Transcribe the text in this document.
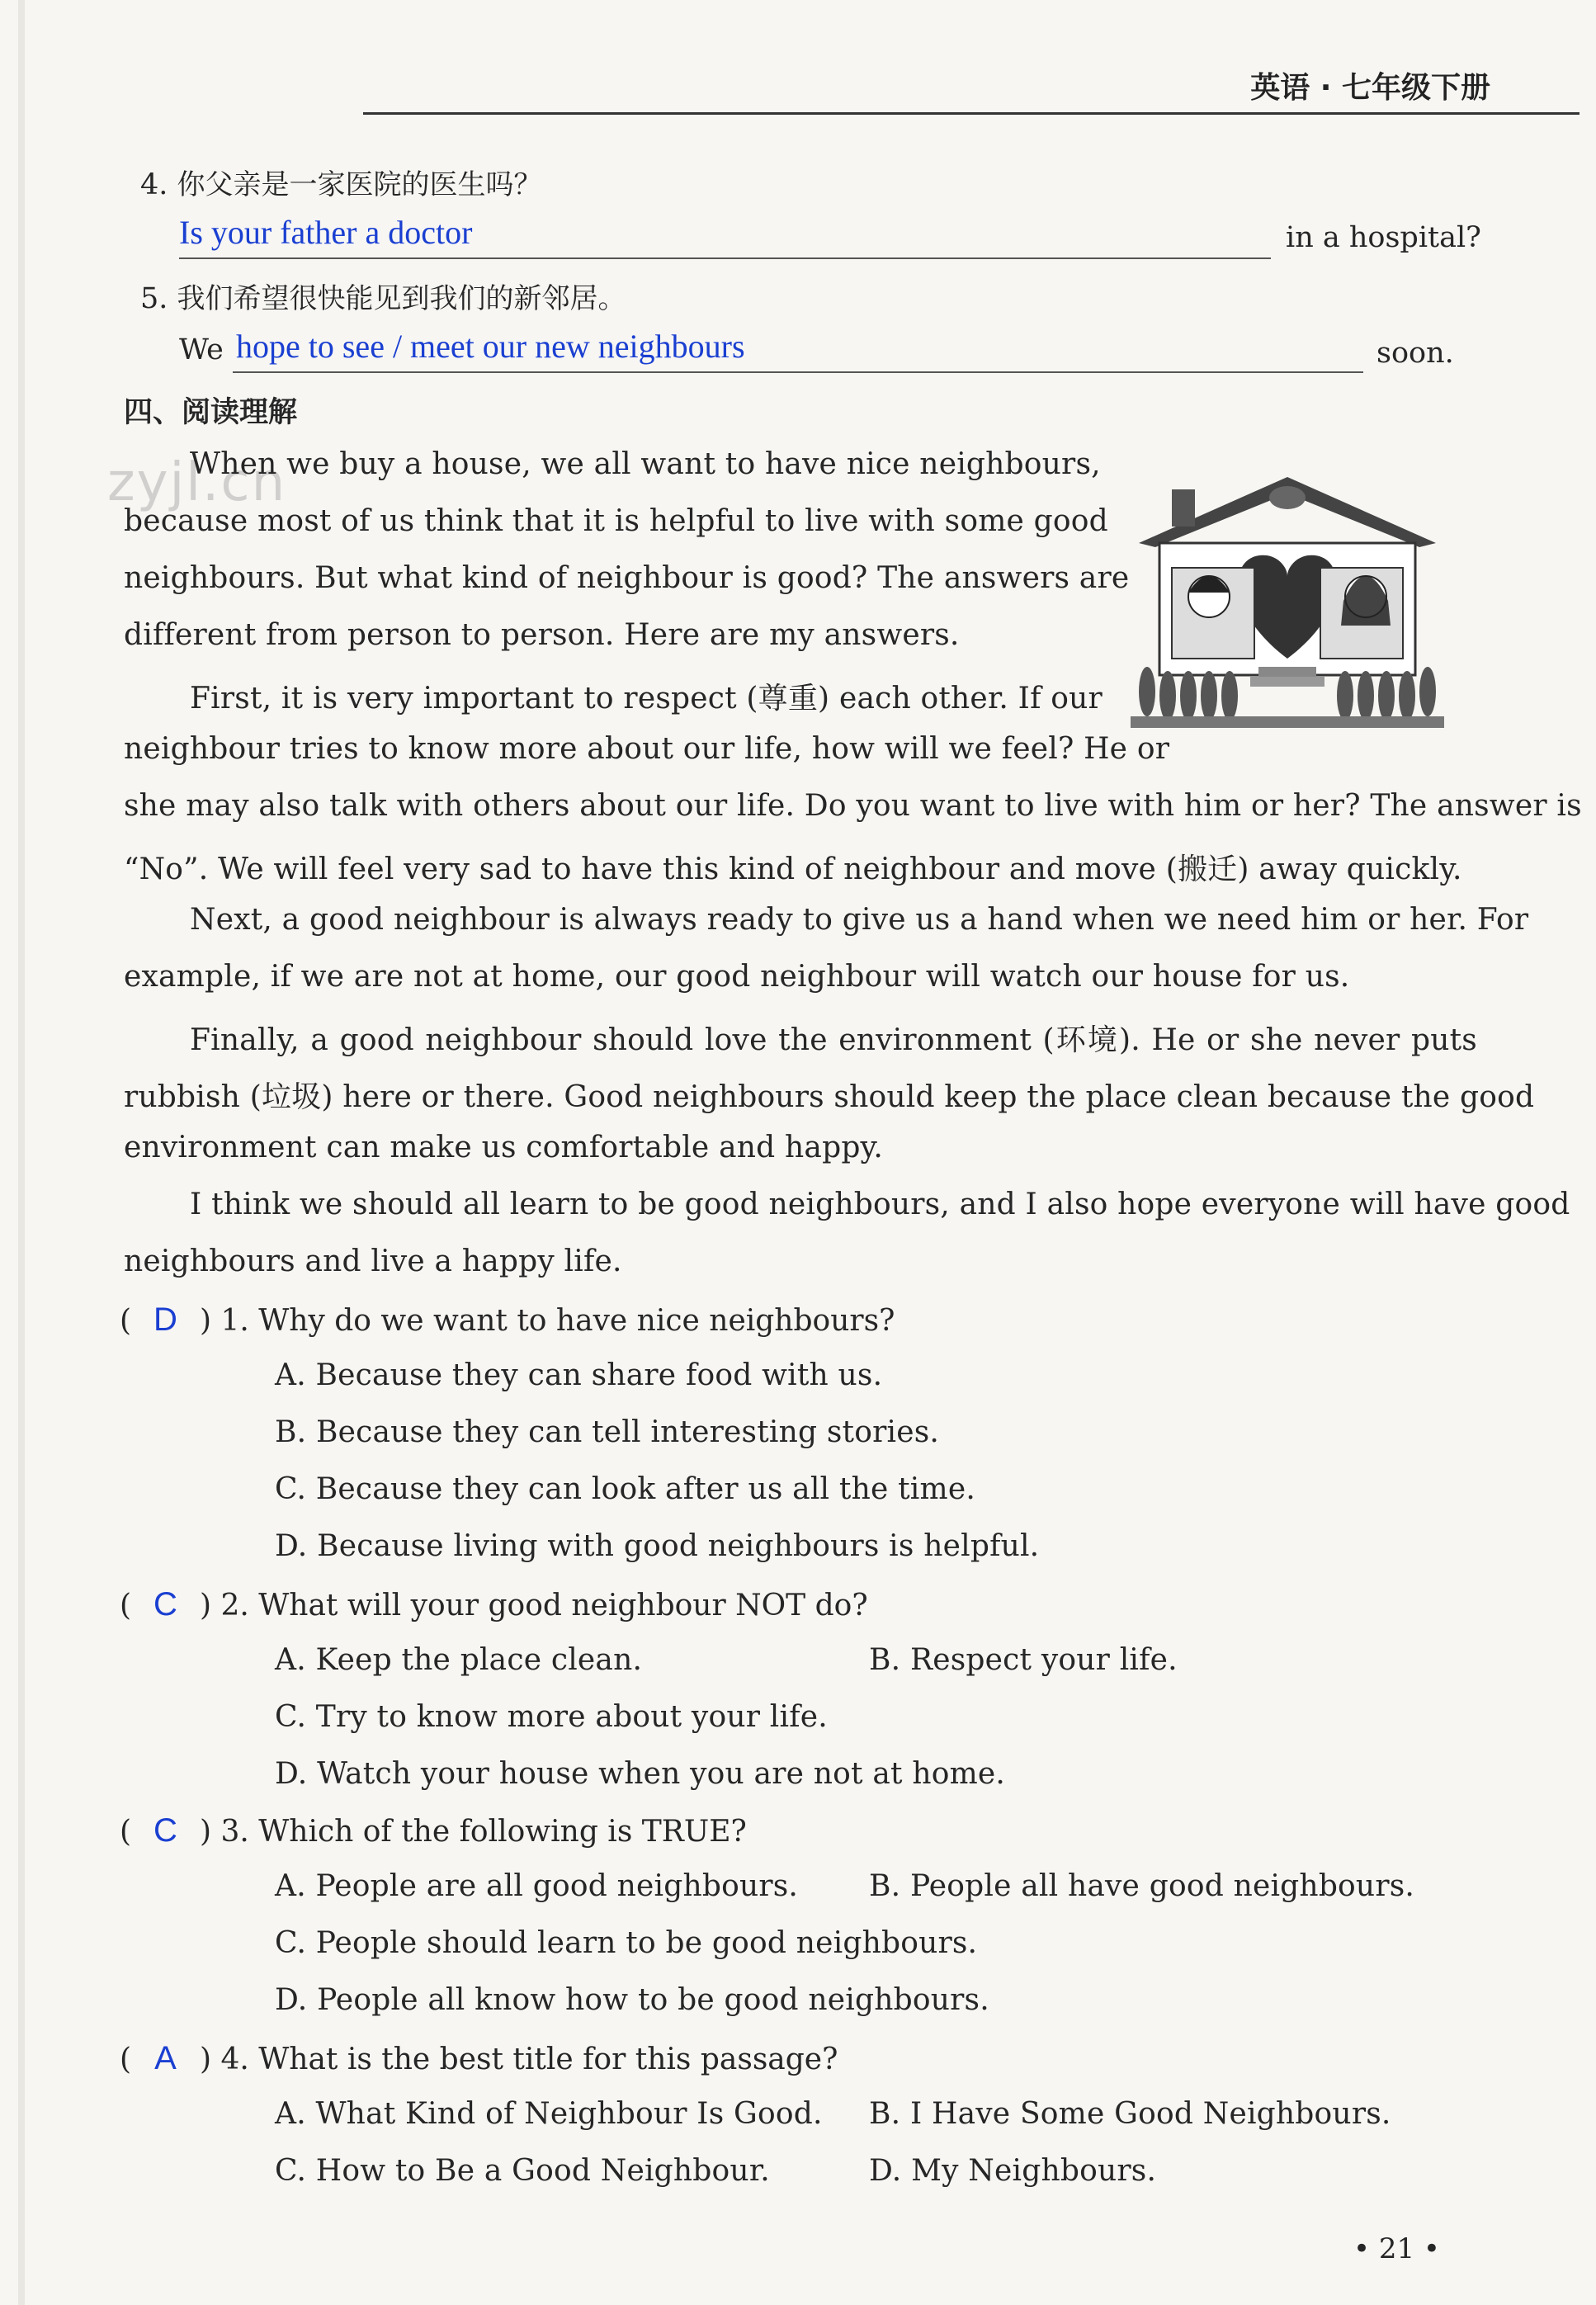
英语 · 七年级下册
4. 你父亲是一家医院的医生吗？
Is your father a doctor	in a hospital?
5. 我们希望很快能见到我们的新邻居。
We hope to see / meet our new neighbours	soon.
四、阅读理解
zyjl.cn
When we buy a house, we all want to have nice neighbours,
because most of us think that it is helpful to live with some good
neighbours. But what kind of neighbour is good? The answers are
different from person to person. Here are my answers.
First, it is very important to respect (尊重) each other. If our
neighbour tries to know more about our life, how will we feel? He or
she may also talk with others about our life. Do you want to live with him or her? The answer is
“No”. We will feel very sad to have this kind of neighbour and move (搬迁) away quickly.
Next, a good neighbour is always ready to give us a hand when we need him or her. For
example, if we are not at home, our good neighbour will watch our house for us.
Finally, a good neighbour should love the environment (环境). He or she never puts
rubbish (垃圾) here or there. Good neighbours should keep the place clean because the good
environment can make us comfortable and happy.
I think we should all learn to be good neighbours, and I also hope everyone will have good
neighbours and live a happy life.
( D ) 1. Why do we want to have nice neighbours?
A. Because they can share food with us.
B. Because they can tell interesting stories.
C. Because they can look after us all the time.
D. Because living with good neighbours is helpful.
( C ) 2. What will your good neighbour NOT do?
A. Keep the place clean.	B. Respect your life.
C. Try to know more about your life.
D. Watch your house when you are not at home.
( C ) 3. Which of the following is TRUE?
A. People are all good neighbours. B. People all have good neighbours.
C. People should learn to be good neighbours.
D. People all know how to be good neighbours.
( A ) 4. What is the best title for this passage?
A. What Kind of Neighbour Is Good. B. I Have Some Good Neighbours.
C. How to Be a Good Neighbour.	D. My Neighbours.
• 21 •
